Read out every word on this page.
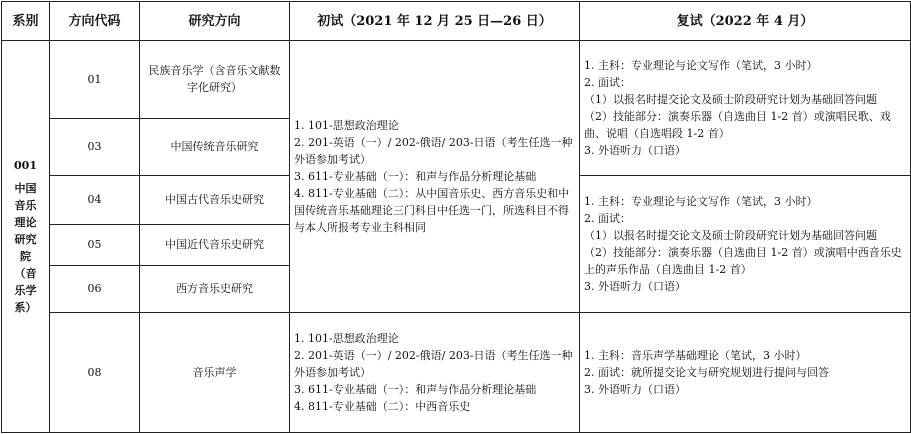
系别	方向代码	研究方向	初试（2021 年 12 月 25 日—26 日）	复试（2022 年 4 月）

001
中国音乐理论研究院（音乐学系）	01	民族音乐学（含音乐文献数字化研究）	1. 101-思想政治理论
2. 201-英语（一）/ 202-俄语/ 203-日语（考生任选一种外语参加考试）
3. 611-专业基础（一）：和声与作品分析理论基础
4. 811-专业基础（二）：从中国音乐史、西方音乐史和中国传统音乐基础理论三门科目中任选一门，所选科目不得与本人所报考专业主科相同	1. 主科：专业理论与论文写作（笔试，3 小时）
2. 面试：
（1）以报名时提交论文及硕士阶段研究计划为基础回答问题
（2）技能部分：演奏乐器（自选曲目 1-2 首）或演唱民歌、戏曲、说唱（自选唱段 1-2 首）
3. 外语听力（口语）

	03	中国传统音乐研究		
	04	中国古代音乐史研究		1. 主科：专业理论与论文写作（笔试，3 小时）
2. 面试：
（1）以报名时提交论文及硕士阶段研究计划为基础回答问题
（2）技能部分：演奏乐器（自选曲目 1-2 首）或演唱中西音乐史上的声乐作品（自选曲目 1-2 首）
3. 外语听力（口语）

	05	中国近代音乐史研究		
	06	西方音乐史研究		
	08	音乐声学	1. 101-思想政治理论
2. 201-英语（一）/ 202-俄语/ 203-日语（考生任选一种外语参加考试）
3. 611-专业基础（一）：和声与作品分析理论基础
4. 811-专业基础（二）：中西音乐史	1. 主科：音乐声学基础理论（笔试，3 小时）
2. 面试：就所提交论文与研究规划进行提问与回答
3. 外语听力（口语）
